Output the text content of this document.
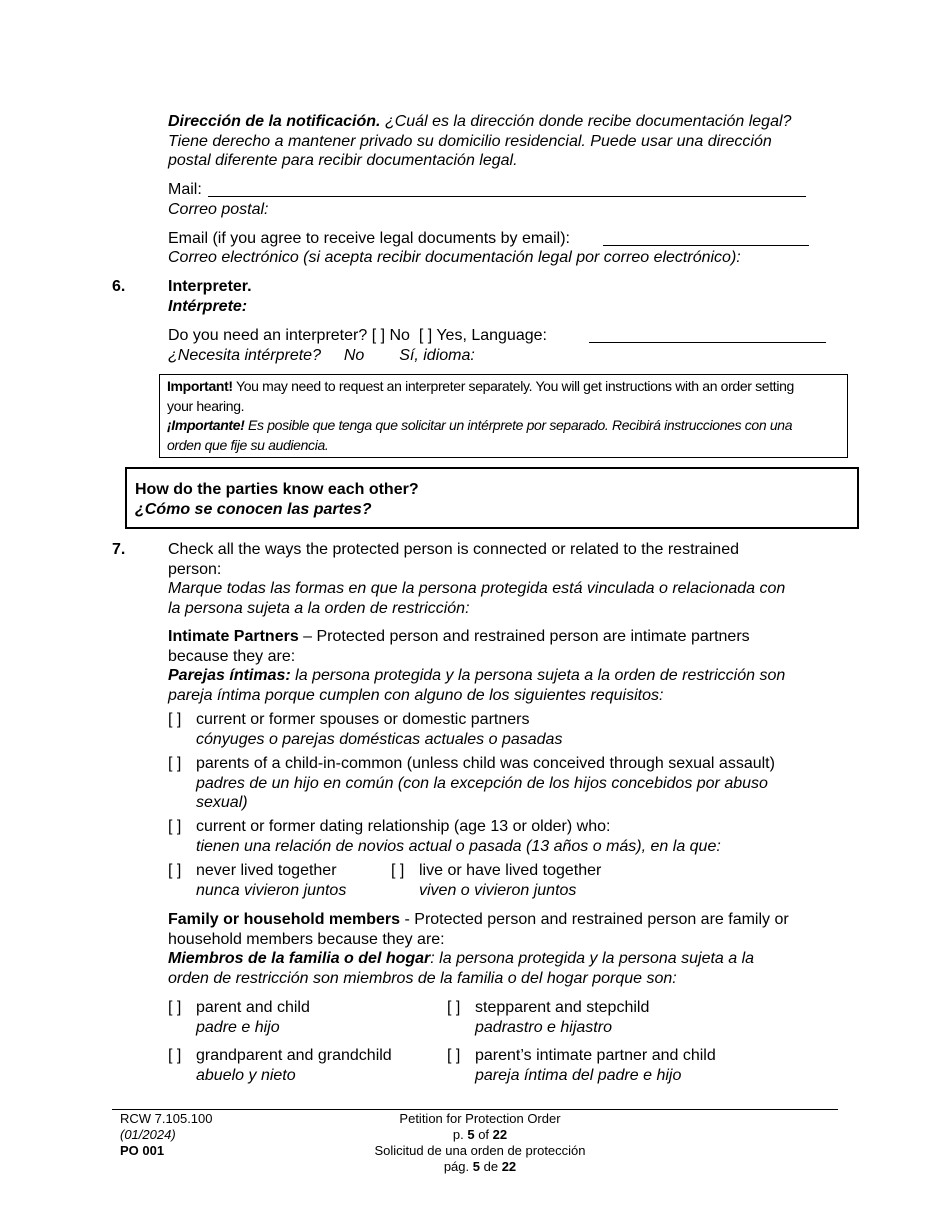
Dirección de la notificación. ¿Cuál es la dirección donde recibe documentación legal?
Tiene derecho a mantener privado su domicilio residencial. Puede usar una dirección
postal diferente para recibir documentación legal.
Mail:
Correo postal:
Email (if you agree to receive legal documents by email):
Correo electrónico (si acepta recibir documentación legal por correo electrónico):
6.	Interpreter.
Intérprete:
Do you need an interpreter? [ ] No [ ] Yes, Language:
¿Necesita intérprete? No Sí, idioma:
Important! You may need to request an interpreter separately. You will get instructions with an order setting
your hearing.
¡Importante! Es posible que tenga que solicitar un intérprete por separado. Recibirá instrucciones con una
orden que fije su audiencia.
How do the parties know each other?
¿Cómo se conocen las partes?
7.	Check all the ways the protected person is connected or related to the restrained
person:
Marque todas las formas en que la persona protegida está vinculada o relacionada con
la persona sujeta a la orden de restricción:
Intimate Partners – Protected person and restrained person are intimate partners
because they are:
Parejas íntimas: la persona protegida y la persona sujeta a la orden de restricción son
pareja íntima porque cumplen con alguno de los siguientes requisitos:
[ ] current or former spouses or domestic partners
cónyuges o parejas domésticas actuales o pasadas
[ ] parents of a child-in-common (unless child was conceived through sexual assault)
padres de un hijo en común (con la excepción de los hijos concebidos por abuso
sexual)
[ ] current or former dating relationship (age 13 or older) who:
tienen una relación de novios actual o pasada (13 años o más), en la que:
[ ] never lived together
nunca vivieron juntos
[ ] live or have lived together
viven o vivieron juntos
Family or household members - Protected person and restrained person are family or
household members because they are:
Miembros de la familia o del hogar: la persona protegida y la persona sujeta a la
orden de restricción son miembros de la familia o del hogar porque son:
[ ] parent and child
padre e hijo
[ ] stepparent and stepchild
padrastro e hijastro
[ ] grandparent and grandchild
abuelo y nieto
[ ] parent’s intimate partner and child
pareja íntima del padre e hijo
RCW 7.105.100
(01/2024)
PO 001
Petition for Protection Order
p. 5 of 22
Solicitud de una orden de protección
pág. 5 de 22
